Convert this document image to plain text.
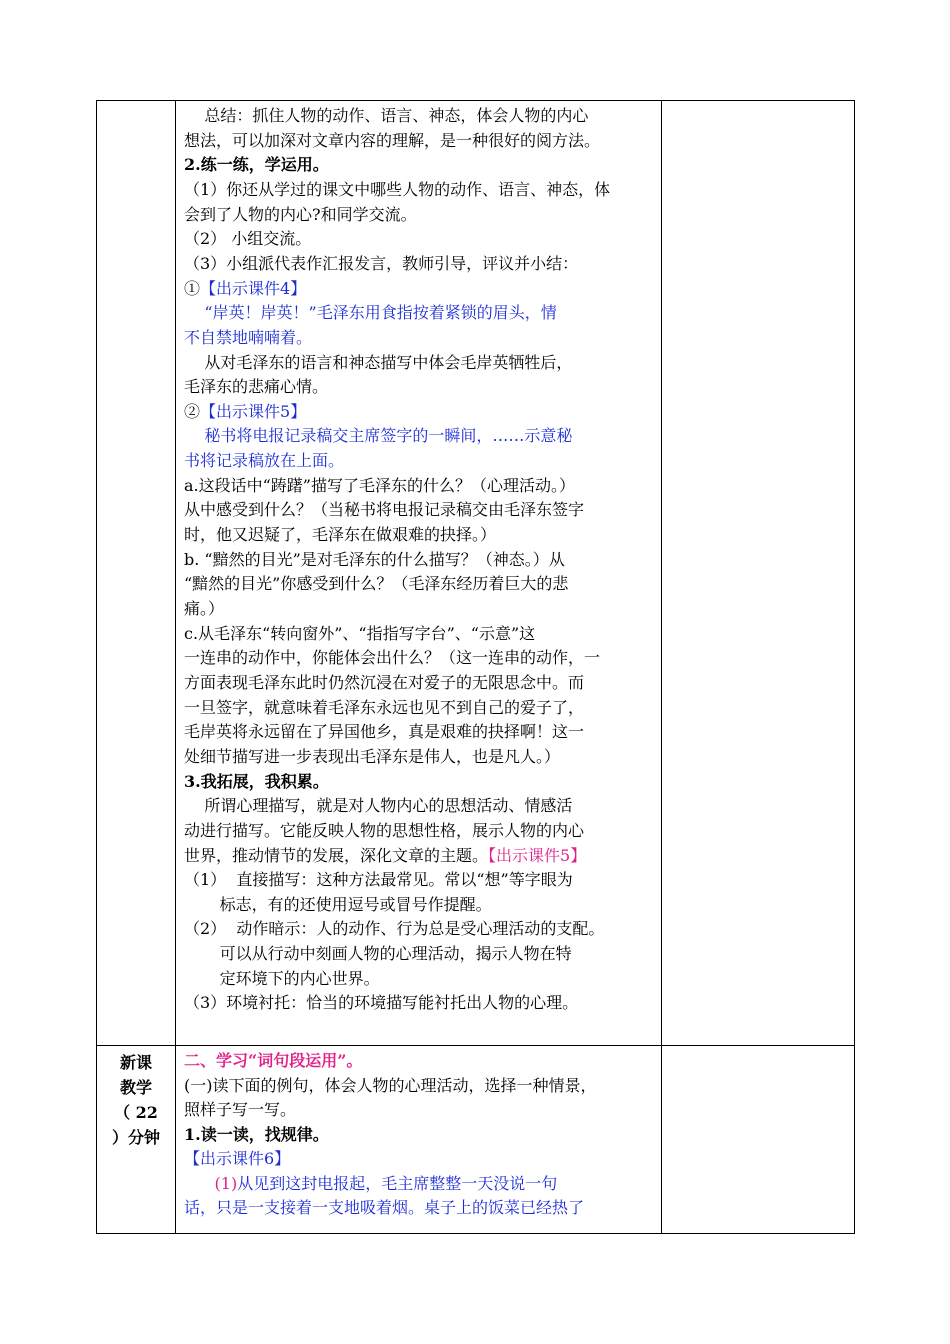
总结：抓住人物的动作、语言、神态，体会人物的内心
想法，可以加深对文章内容的理解，是一种很好的阅方法。
2.练一练，学运用。
（1）你还从学过的课文中哪些人物的动作、语言、神态，体
会到了人物的内心?和同学交流。
（2） 小组交流。
（3）小组派代表作汇报发言，教师引导，评议并小结：
①【出示课件4】
“岸英！岸英！”毛泽东用食指按着紧锁的眉头，情
不自禁地喃喃着。
从对毛泽东的语言和神态描写中体会毛岸英牺牲后，
毛泽东的悲痛心情。
②【出示课件5】
秘书将电报记录稿交主席签字的一瞬间，……示意秘
书将记录稿放在上面。
a.这段话中“踌躇”描写了毛泽东的什么？（心理活动。）
从中感受到什么？（当秘书将电报记录稿交由毛泽东签字
时，他又迟疑了，毛泽东在做艰难的抉择。）
b. “黯然的目光”是对毛泽东的什么描写？（神态。）从
“黯然的目光”你感受到什么？（毛泽东经历着巨大的悲
痛。）
c.从毛泽东“转向窗外”、“指指写字台”、“示意”这
一连串的动作中，你能体会出什么？（这一连串的动作，一
方面表现毛泽东此时仍然沉浸在对爱子的无限思念中。而
一旦签字，就意味着毛泽东永远也见不到自己的爱子了，
毛岸英将永远留在了异国他乡，真是艰难的抉择啊！这一
处细节描写进一步表现出毛泽东是伟人，也是凡人。）
3.我拓展，我积累。
所谓心理描写，就是对人物内心的思想活动、情感活
动进行描写。它能反映人物的思想性格，展示人物的内心
世界，推动情节的发展，深化文章的主题。【出示课件5】
（1）  直接描写：这种方法最常见。常以“想”等字眼为
标志，有的还使用逗号或冒号作提醒。
（2）  动作暗示：人的动作、行为总是受心理活动的支配。
可以从行动中刻画人物的心理活动，揭示人物在特
定环境下的内心世界。
（3）环境衬托：恰当的环境描写能衬托出人物的心理。
新课
教学
（ 22
）分钟
二、学习“词句段运用”。
(一)读下面的例句，体会人物的心理活动，选择一种情景，
照样子写一写。
1.读一读，找规律。
【出示课件6】
(1)从见到这封电报起，毛主席整整一天没说一句
话，只是一支接着一支地吸着烟。桌子上的饭菜已经热了
